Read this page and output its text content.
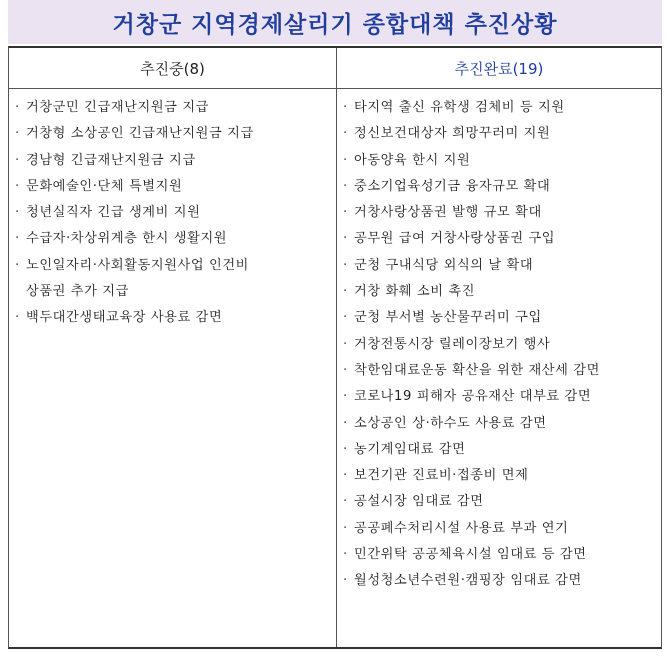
거창군 지역경제살리기 종합대책 추진상황
추진중(8)	추진완료(19)
· 거창군민 긴급재난지원금 지급
· 거창형 소상공인 긴급재난지원금 지급
· 경남형 긴급재난지원금 지급
· 문화예술인·단체 특별지원
· 청년실직자 긴급 생계비 지원
· 수급자·차상위계층 한시 생활지원
· 노인일자리·사회활동지원사업 인건비
상품권 추가 지급
· 백두대간생태교육장 사용료 감면
· 타지역 출신 유학생 검체비 등 지원
· 정신보건대상자 희망꾸러미 지원
· 아동양육 한시 지원
· 중소기업육성기금 융자규모 확대
· 거창사랑상품권 발행 규모 확대
· 공무원 급여 거창사랑상품권 구입
· 군청 구내식당 외식의 날 확대
· 거창 화훼 소비 촉진
· 군청 부서별 농산물꾸러미 구입
· 거창전통시장 릴레이장보기 행사
· 착한임대료운동 확산을 위한 재산세 감면
· 코로나19 피해자 공유재산 대부료 감면
· 소상공인 상·하수도 사용료 감면
· 농기계임대료 감면
· 보건기관 진료비·접종비 면제
· 공설시장 임대료 감면
· 공공폐수처리시설 사용료 부과 연기
· 민간위탁 공공체육시설 임대료 등 감면
· 월성청소년수련원·캠핑장 임대료 감면
